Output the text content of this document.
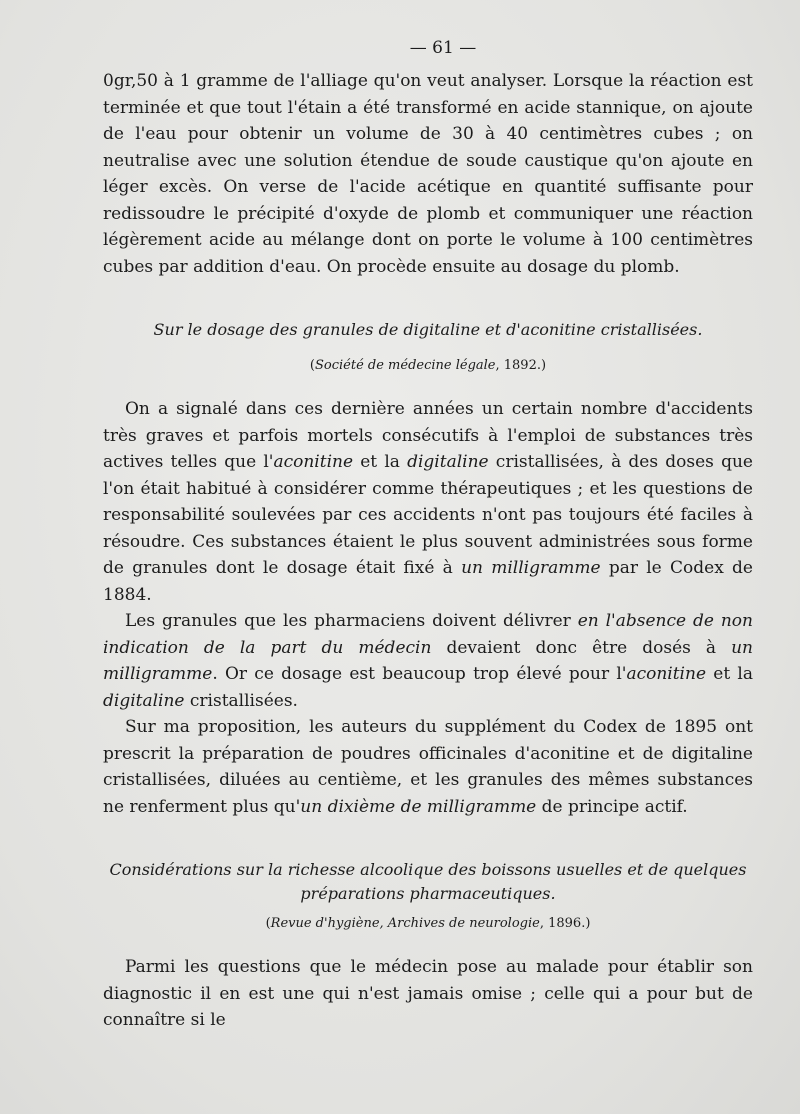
— 61 —

0gr,50 à 1 gramme de l'alliage qu'on veut analyser. Lorsque la réaction est terminée et que tout l'étain a été transformé en acide stannique, on ajoute de l'eau pour obtenir un volume de 30 à 40 centimètres cubes ; on neutralise avec une solution étendue de soude caustique qu'on ajoute en léger excès. On verse de l'acide acétique en quantité suffisante pour redissoudre le précipité d'oxyde de plomb et communiquer une réaction légèrement acide au mélange dont on porte le volume à 100 centimètres cubes par addition d'eau. On procède ensuite au dosage du plomb.

Sur le dosage des granules de digitaline et d'aconitine cristallisées.
(Société de médecine légale, 1892.)

On a signalé dans ces dernière années un certain nombre d'accidents très graves et parfois mortels consécutifs à l'emploi de substances très actives telles que l'aconitine et la digitaline cristallisées, à des doses que l'on était habitué à considérer comme thérapeutiques ; et les questions de responsabilité soulevées par ces accidents n'ont pas toujours été faciles à résoudre. Ces substances étaient le plus souvent administrées sous forme de granules dont le dosage était fixé à un milligramme par le Codex de 1884.

Les granules que les pharmaciens doivent délivrer en l'absence de non indication de la part du médecin devaient donc être dosés à un milligramme. Or ce dosage est beaucoup trop élevé pour l'aconitine et la digitaline cristallisées.

Sur ma proposition, les auteurs du supplément du Codex de 1895 ont prescrit la préparation de poudres officinales d'aconitine et de digitaline cristallisées, diluées au centième, et les granules des mêmes substances ne renferment plus qu'un dixième de milligramme de principe actif.

Considérations sur la richesse alcoolique des boissons usuelles et de quelques
préparations pharmaceutiques.
(Revue d'hygiène, Archives de neurologie, 1896.)

Parmi les questions que le médecin pose au malade pour établir son diagnostic il en est une qui n'est jamais omise ; celle qui a pour but de connaître si le
